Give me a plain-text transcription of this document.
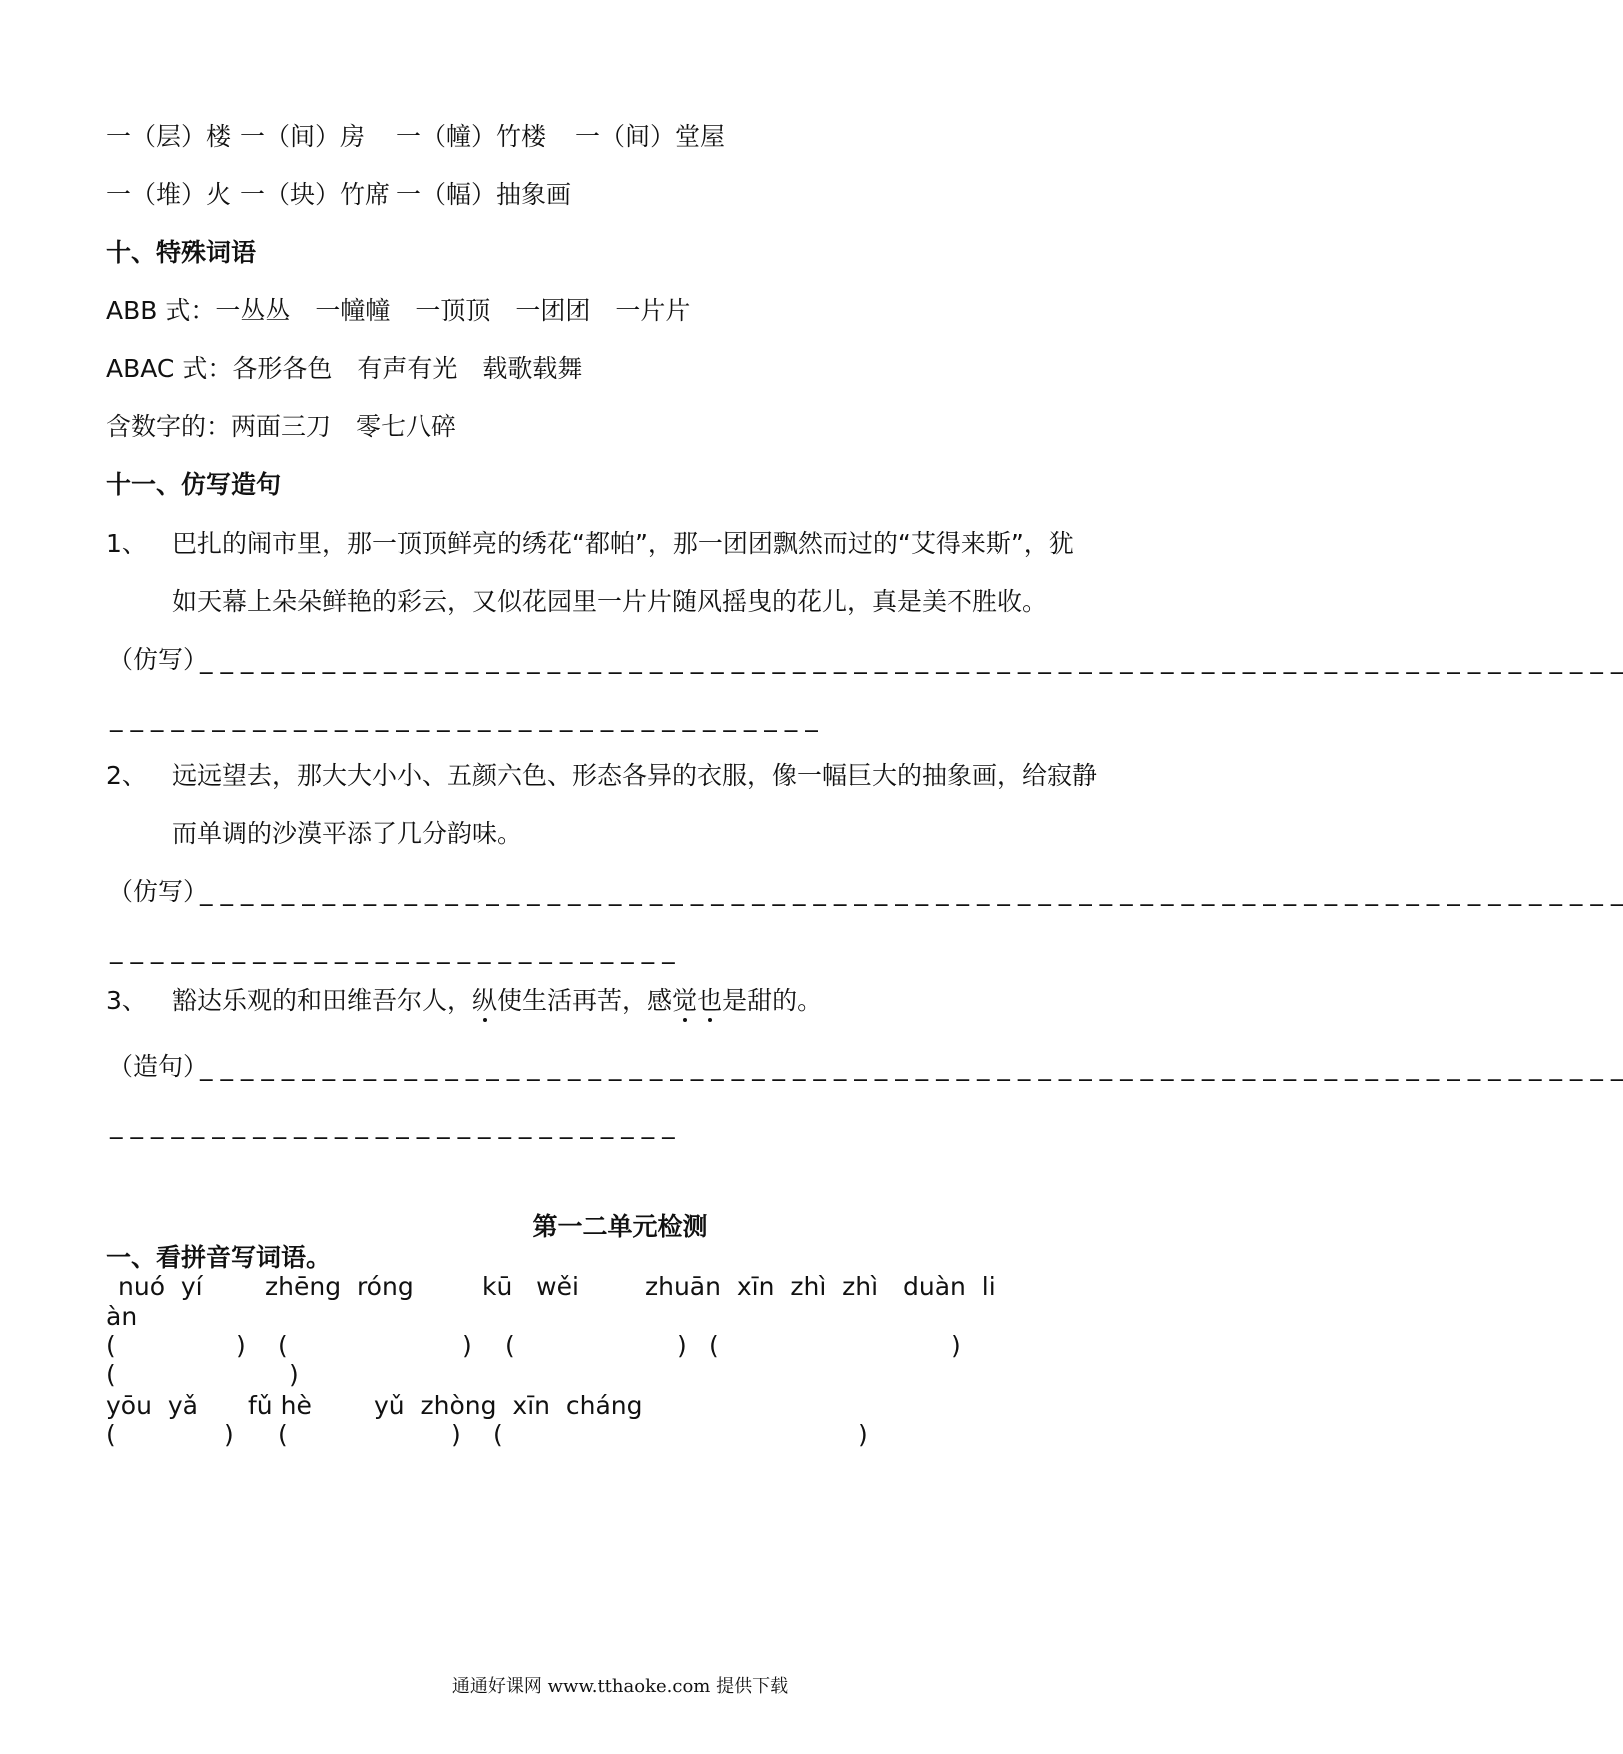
一（层）楼 一（间）房 一（幢）竹楼 一（间）堂屋
一（堆）火 一（块）竹席 一（幅）抽象画
十、特殊词语
ABB 式：一丛丛　一幢幢　一顶顶　一团团　一片片
ABAC 式：各形各色　有声有光　载歌载舞
含数字的：两面三刀　零七八碎
十一、仿写造句
1、 巴扎的闹市里，那一顶顶鲜亮的绣花“都帕”，那一团团飘然而过的“艾得来斯”，犹
如天幕上朵朵鲜艳的彩云，又似花园里一片片随风摇曳的花儿，真是美不胜收。
（仿写）
_ _ _ _ _ _ _ _ _ _ _ _ _ _ _ _ _ _ _ _ _ _ _ _ _ _ _ _ _ _ _ _ _ _ _ _ _ _ _ _ _ _ _ _ _ _ _ _ _ _ _ _ _ _ _ _ _ _ _ _ _ _ _ _ _ _ _ _ _ _
_ _ _ _ _ _ _ _ _ _ _ _ _ _ _ _ _ _ _ _ _ _ _ _ _ _ _ _ _ _ _ _ _ _ _
2、 远远望去，那大大小小、五颜六色、形态各异的衣服，像一幅巨大的抽象画，给寂静
而单调的沙漠平添了几分韵味。
（仿写）
_ _ _ _ _ _ _ _ _ _ _ _ _ _ _ _ _ _ _ _ _ _ _ _ _ _ _ _ _ _ _ _ _ _ _ _ _ _ _ _ _ _ _ _ _ _ _ _ _ _ _ _ _ _ _ _ _ _ _ _ _ _ _ _ _ _ _ _ _ _
_ _ _ _ _ _ _ _ _ _ _ _ _ _ _ _ _ _ _ _ _ _ _ _ _ _ _ _
3、 豁达乐观的和田维吾尔人，纵使生活再苦，感觉也是甜的。
（造句）
_ _ _ _ _ _ _ _ _ _ _ _ _ _ _ _ _ _ _ _ _ _ _ _ _ _ _ _ _ _ _ _ _ _ _ _ _ _ _ _ _ _ _ _ _ _ _ _ _ _ _ _ _ _ _ _ _ _ _ _ _ _ _ _ _ _ _ _ _ _
_ _ _ _ _ _ _ _ _ _ _ _ _ _ _ _ _ _ _ _ _ _ _ _ _ _ _ _
第一二单元检测
一、看拼音写词语。
nuó  yí zhēng  róng	kū   wěi	zhuān  xīn  zhì  zhì duàn  li
àn
(	) (	) (	) (	)
(	)
yōu  yǎ fǔ hè yǔ  zhòng  xīn  cháng
(	) (	) (	)
通通好课网 www.tthaoke.com 提供下载
